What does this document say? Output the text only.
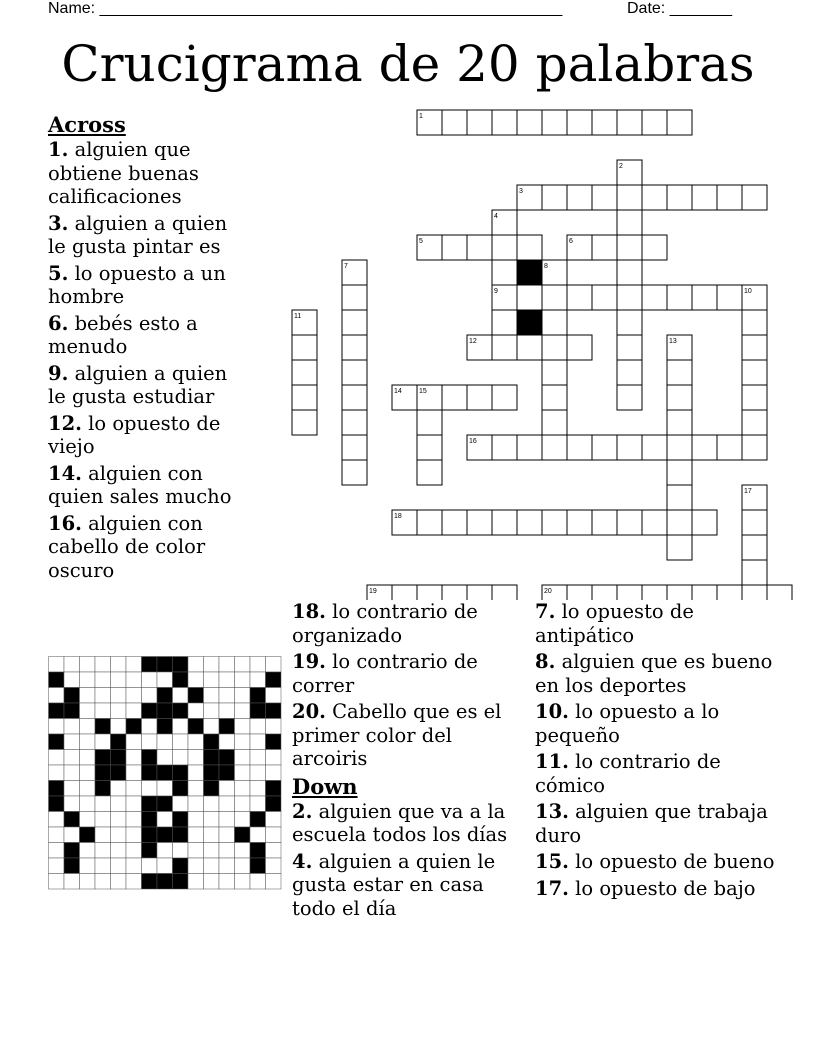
Name: ____________________________________________________	Date: _______
Crucigrama de 20 palabras
Across
1. alguien que obtiene buenas calificaciones
3. alguien a quien le gusta pintar es
5. lo opuesto a un hombre
6. bebés esto a menudo
9. alguien a quien le gusta estudiar
12. lo opuesto de viejo
14. alguien con quien sales mucho
16. alguien con cabello de color oscuro
18. lo contrario de organizado
19. lo contrario de correr
20. Cabello que es el primer color del arcoiris
Down
2. alguien que va a la escuela todos los días
4. alguien a quien le gusta estar en casa todo el día
7. lo opuesto de antipático
8. alguien que es bueno en los deportes
10. lo opuesto a lo pequeño
11. lo contrario de cómico
13. alguien que trabaja duro
15. lo opuesto de bueno
17. lo opuesto de bajo
1
2
3
4
5	6
7	8
9	10
11
12	13
14 15
16
17
18
19	20
